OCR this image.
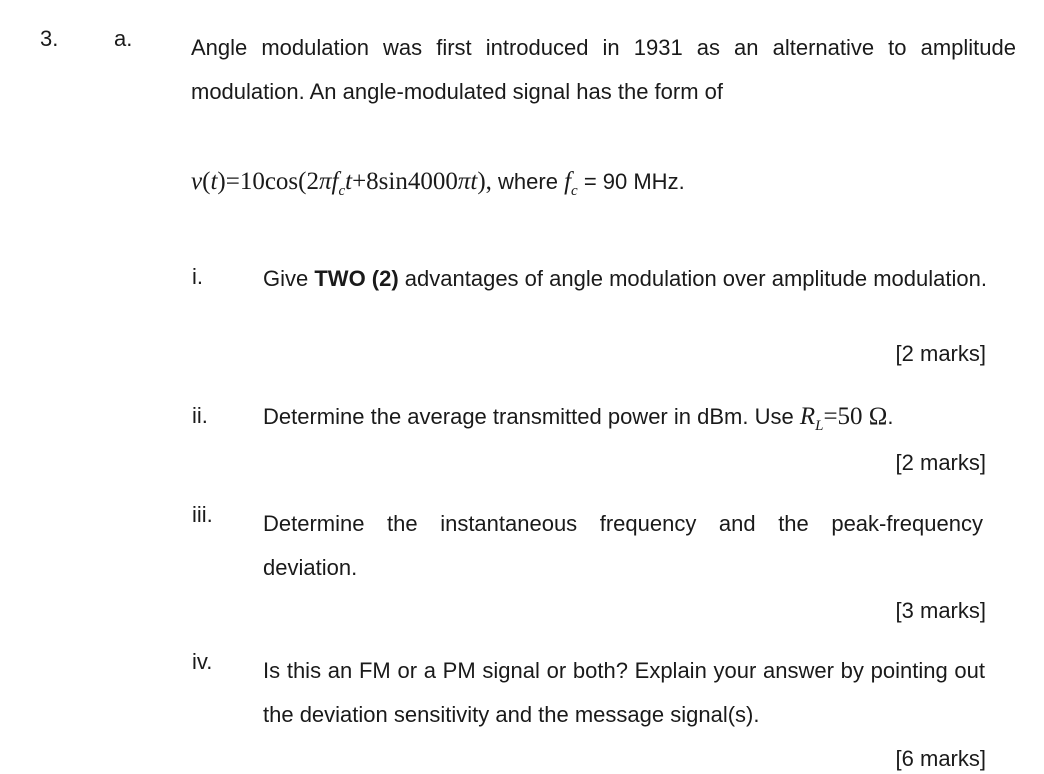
3.	a.	Angle modulation was first introduced in 1931 as an alternative to amplitude modulation. An angle-modulated signal has the form of
$v(t)=10\cos(2\pi f_ct+8\sin 4000\pi t)$, where $f_c = 90$ MHz.
i.	Give TWO (2) advantages of angle modulation over amplitude modulation.
[2 marks]
ii.	Determine the average transmitted power in dBm. Use $R_L=50$ Ω.
[2 marks]
iii. Determine the instantaneous frequency and the peak-frequency deviation.
[3 marks]
iv. Is this an FM or a PM signal or both? Explain your answer by pointing out the deviation sensitivity and the message signal(s).
[6 marks]
